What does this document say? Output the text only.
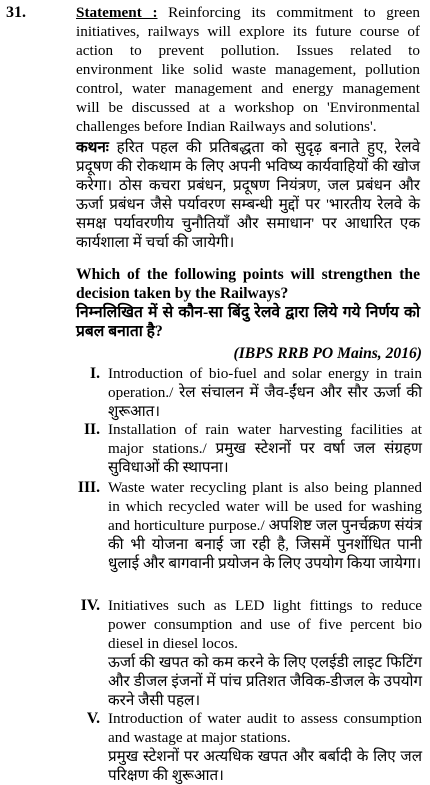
31.	Statement : Reinforcing its commitment to green initiatives, railways will explore its future course of action to prevent pollution. Issues related to environment like solid waste management, pollution control, water management and energy management will be discussed at a workshop on 'Environmental challenges before Indian Railways and solutions'.
कथनः हरित पहल की प्रतिबद्धता को सुदृढ़ बनाते हुए, रेलवे प्रदूषण की रोकथाम के लिए अपनी भविष्य कार्यवाहियों की खोज करेगा। ठोस कचरा प्रबंधन, प्रदूषण नियंत्रण, जल प्रबंधन और ऊर्जा प्रबंधन जैसे पर्यावरण सम्बन्धी मुद्दों पर 'भारतीय रेलवे के समक्ष पर्यावरणीय चुनौतियाँ और समाधान' पर आधारित एक कार्यशाला में चर्चा की जायेगी।
Which of the following points will strengthen the decision taken by the Railways?
निम्नलिखित में से कौन-सा बिंदु रेलवे द्वारा लिये गये निर्णय को प्रबल बनाता है?
(IBPS RRB PO Mains, 2016)
I. Introduction of bio-fuel and solar energy in train operation./ रेल संचालन में जैव-ईंधन और सौर ऊर्जा की शुरूआत।
II. Installation of rain water harvesting facilities at major stations./ प्रमुख स्टेशनों पर वर्षा जल संग्रहण सुविधाओं की स्थापना।
III. Waste water recycling plant is also being planned in which recycled water will be used for washing and horticulture purpose./ अपशिष्ट जल पुनर्चक्रण संयंत्र की भी योजना बनाई जा रही है, जिसमें पुनर्शोधित पानी धुलाई और बागवानी प्रयोजन के लिए उपयोग किया जायेगा।
IV. Initiatives such as LED light fittings to reduce power consumption and use of five percent bio diesel in diesel locos.
ऊर्जा की खपत को कम करने के लिए एलईडी लाइट फिटिंग और डीजल इंजनों में पांच प्रतिशत जैविक-डीजल के उपयोग करने जैसी पहल।
V. Introduction of water audit to assess consumption and wastage at major stations.
प्रमुख स्टेशनों पर अत्यधिक खपत और बर्बादी के लिए जल परिक्षण की शुरूआत।
